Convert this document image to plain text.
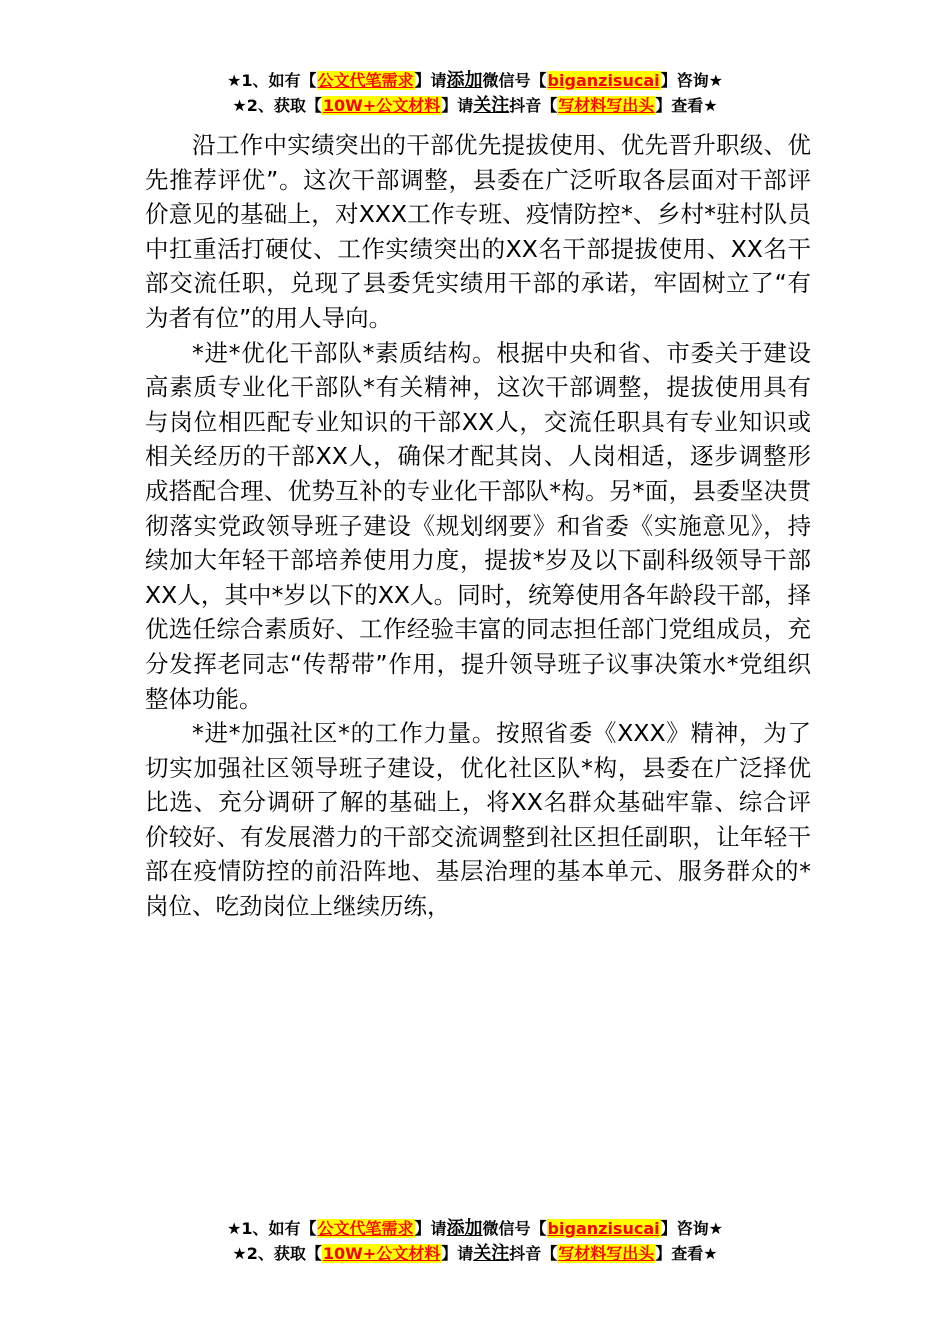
★1、如有【公文代笔需求】请添加微信号【biganzisucai】咨询★
★2、获取【10W+公文材料】请关注抖音【写材料写出头】查看★

沿工作中实绩突出的干部优先提拔使用、优先晋升职级、优先推荐评优”。这次干部调整，县委在广泛听取各层面对干部评价意见的基础上，对XXX工作专班、疫情防控*、乡村*驻村队员中扛重活打硬仗、工作实绩突出的XX名干部提拔使用、XX名干部交流任职，兑现了县委凭实绩用干部的承诺，牢固树立了“有为者有位”的用人导向。

*进*优化干部队*素质结构。根据中央和省、市委关于建设高素质专业化干部队*有关精神，这次干部调整，提拔使用具有与岗位相匹配专业知识的干部XX人，交流任职具有专业知识或相关经历的干部XX人，确保才配其岗、人岗相适，逐步调整形成搭配合理、优势互补的专业化干部队*构。另*面，县委坚决贯彻落实党政领导班子建设《规划纲要》和省委《实施意见》，持续加大年轻干部培养使用力度，提拔*岁及以下副科级领导干部XX人，其中*岁以下的XX人。同时，统筹使用各年龄段干部，择优选任综合素质好、工作经验丰富的同志担任部门党组成员，充分发挥老同志“传帮带”作用，提升领导班子议事决策水*党组织整体功能。

*进*加强社区*的工作力量。按照省委《XXX》精神，为了切实加强社区领导班子建设，优化社区队*构，县委在广泛择优比选、充分调研了解的基础上，将XX名群众基础牢靠、综合评价较好、有发展潜力的干部交流调整到社区担任副职，让年轻干部在疫情防控的前沿阵地、基层治理的基本单元、服务群众的*岗位、吃劲岗位上继续历练，

★1、如有【公文代笔需求】请添加微信号【biganzisucai】咨询★
★2、获取【10W+公文材料】请关注抖音【写材料写出头】查看★
